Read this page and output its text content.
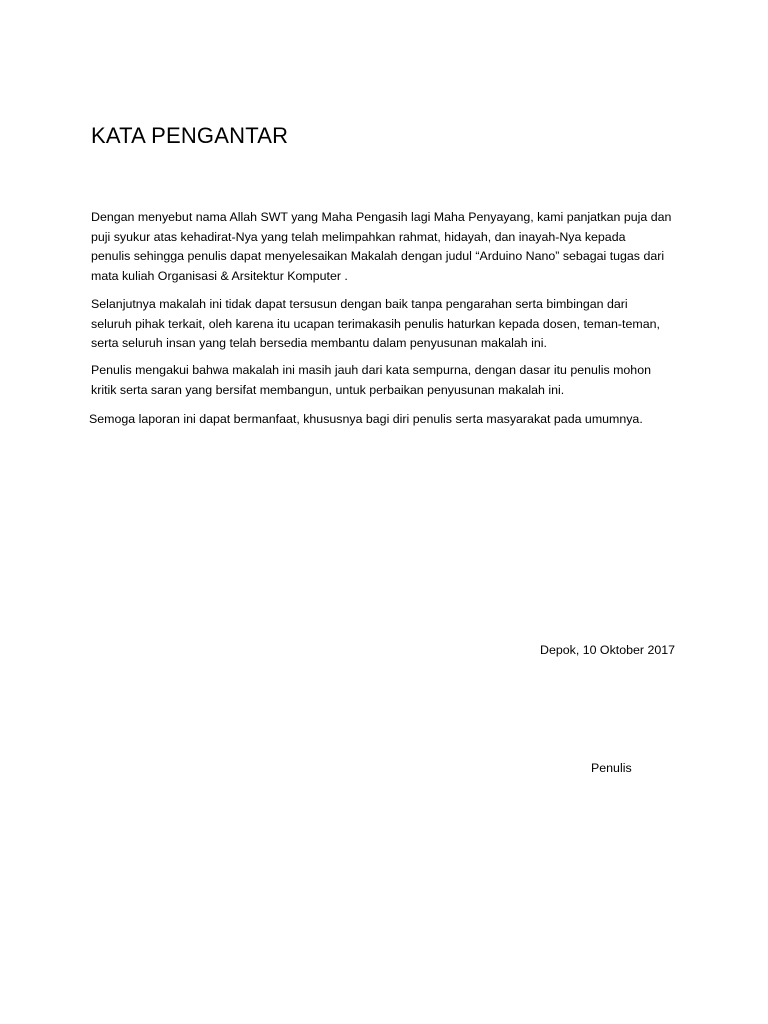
KATA PENGANTAR

Dengan menyebut nama Allah SWT yang Maha Pengasih lagi Maha Penyayang, kami panjatkan puja dan
puji syukur atas kehadirat-Nya yang telah melimpahkan rahmat, hidayah, dan inayah-Nya kepada
penulis sehingga penulis dapat menyelesaikan Makalah dengan judul “Arduino Nano” sebagai tugas dari
mata kuliah Organisasi & Arsitektur Komputer .

Selanjutnya makalah ini tidak dapat tersusun dengan baik tanpa pengarahan serta bimbingan dari
seluruh pihak terkait, oleh karena itu ucapan terimakasih penulis haturkan kepada dosen, teman-teman,
serta seluruh insan yang telah bersedia membantu dalam penyusunan makalah ini.

Penulis mengakui bahwa makalah ini masih jauh dari kata sempurna, dengan dasar itu penulis mohon
kritik serta saran yang bersifat membangun, untuk perbaikan penyusunan makalah ini.

Semoga laporan ini dapat bermanfaat, khususnya bagi diri penulis serta masyarakat pada umumnya.

Depok, 10 Oktober 2017
Penulis
